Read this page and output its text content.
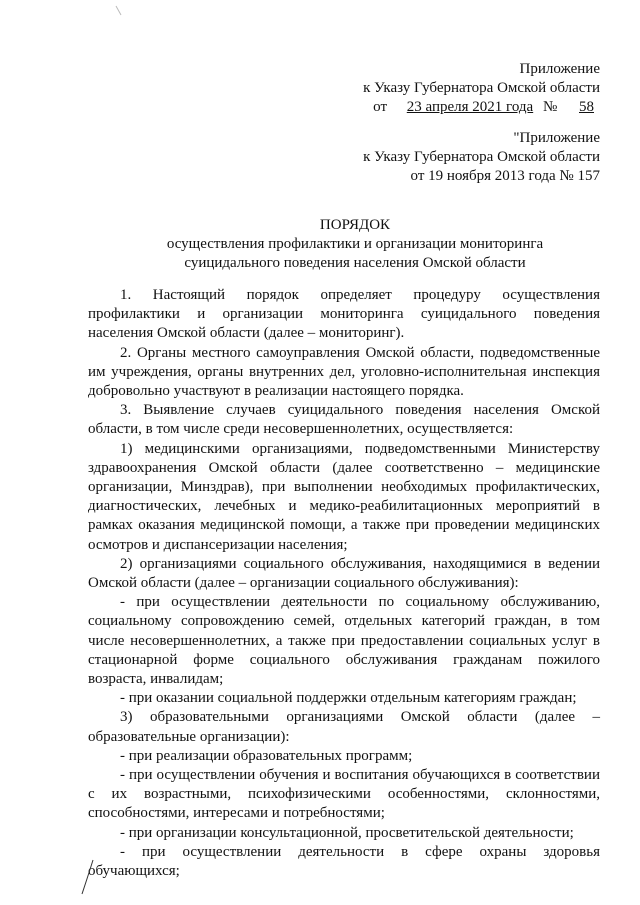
Приложение
к Указу Губернатора Омской области
от 23 апреля 2021 года № 58
"Приложение
к Указу Губернатора Омской области
от 19 ноября 2013 года № 157
ПОРЯДОК
осуществления профилактики и организации мониторинга
суицидального поведения населения Омской области

1. Настоящий порядок определяет процедуру осуществления профилактики и организации мониторинга суицидального поведения населения Омской области (далее – мониторинг).

2. Органы местного самоуправления Омской области, подведомственные им учреждения, органы внутренних дел, уголовно-исполнительная инспекция добровольно участвуют в реализации настоящего порядка.

3. Выявление случаев суицидального поведения населения Омской области, в том числе среди несовершеннолетних, осуществляется:

1) медицинскими организациями, подведомственными Министерству здравоохранения Омской области (далее соответственно – медицинские организации, Минздрав), при выполнении необходимых профилактических, диагностических, лечебных и медико-реабилитационных мероприятий в рамках оказания медицинской помощи, а также при проведении медицинских осмотров и диспансеризации населения;

2) организациями социального обслуживания, находящимися в ведении Омской области (далее – организации социального обслуживания):

- при осуществлении деятельности по социальному обслуживанию, социальному сопровождению семей, отдельных категорий граждан, в том числе несовершеннолетних, а также при предоставлении социальных услуг в стационарной форме социального обслуживания гражданам пожилого возраста, инвалидам;

- при оказании социальной поддержки отдельным категориям граждан;

3) образовательными организациями Омской области (далее – образовательные организации):

- при реализации образовательных программ;

- при осуществлении обучения и воспитания обучающихся в соответствии с их возрастными, психофизическими особенностями, склонностями, способностями, интересами и потребностями;

- при организации консультационной, просветительской деятельности;

- при осуществлении деятельности в сфере охраны здоровья обучающихся;
